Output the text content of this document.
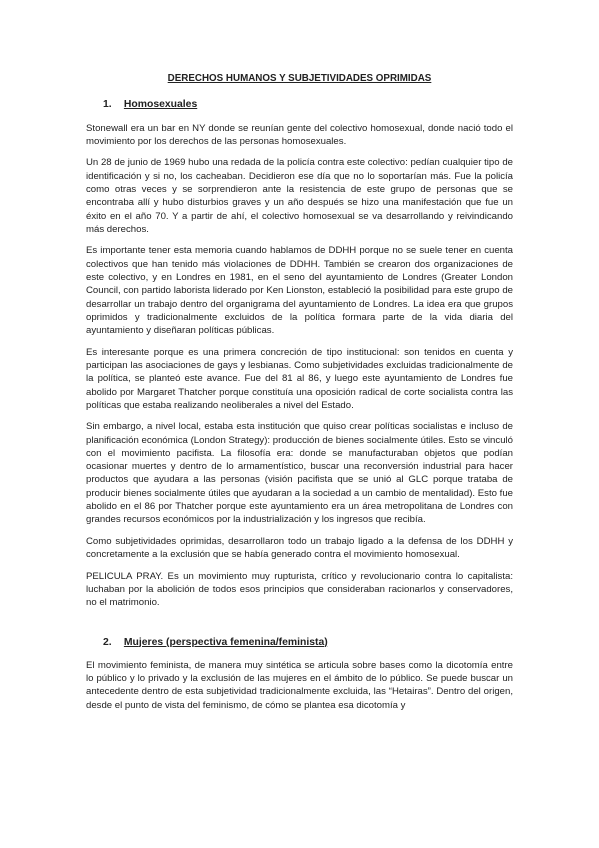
DERECHOS HUMANOS Y SUBJETIVIDADES OPRIMIDAS
1. Homosexuales

Stonewall era un bar en NY donde se reunían gente del colectivo homosexual, donde nació todo el movimiento por los derechos de las personas homosexuales.

Un 28 de junio de 1969 hubo una redada de la policía contra este colectivo: pedían cualquier tipo de identificación y si no, los cacheaban. Decidieron ese día que no lo soportarían más. Fue la policía como otras veces y se sorprendieron ante la resistencia de este grupo de personas que se encontraba allí y hubo disturbios graves y un año después se hizo una manifestación que fue un éxito en el año 70. Y a partir de ahí, el colectivo homosexual se va desarrollando y reivindicando más derechos.

Es importante tener esta memoria cuando hablamos de DDHH porque no se suele tener en cuenta colectivos que han tenido más violaciones de DDHH. También se crearon dos organizaciones de este colectivo, y en Londres en 1981, en el seno del ayuntamiento de Londres (Greater London Council, con partido laborista liderado por Ken Lionston, estableció la posibilidad para este grupo de desarrollar un trabajo dentro del organigrama del ayuntamiento de Londres. La idea era que grupos oprimidos y tradicionalmente excluidos de la política formara parte de la vida diaria del ayuntamiento y diseñaran políticas públicas.

Es interesante porque es una primera concreción de tipo institucional: son tenidos en cuenta y participan las asociaciones de gays y lesbianas. Como subjetividades excluidas tradicionalmente de la política, se planteó este avance. Fue del 81 al 86, y luego este ayuntamiento de Londres fue abolido por Margaret Thatcher porque constituía una oposición radical de corte socialista contra las políticas que estaba realizando neoliberales a nivel del Estado.

Sin embargo, a nivel local, estaba esta institución que quiso crear políticas socialistas e incluso de planificación económica (London Strategy): producción de bienes socialmente útiles. Esto se vinculó con el movimiento pacifista. La filosofía era: donde se manufacturaban objetos que podían ocasionar muertes y dentro de lo armamentístico, buscar una reconversión industrial para hacer productos que ayudara a las personas (visión pacifista que se unió al GLC porque trataba de producir bienes socialmente útiles que ayudaran a la sociedad a un cambio de mentalidad). Esto fue abolido en el 86 por Thatcher porque este ayuntamiento era un área metropolitana de Londres con grandes recursos económicos por la industrialización y los ingresos que recibía.

Como subjetividades oprimidas, desarrollaron todo un trabajo ligado a la defensa de los DDHH y concretamente a la exclusión que se había generado contra el movimiento homosexual.

PELICULA PRAY. Es un movimiento muy rupturista, crítico y revolucionario contra lo capitalista: luchaban por la abolición de todos esos principios que consideraban racionarlos y conservadores, no el matrimonio.

2. Mujeres (perspectiva femenina/feminista)

El movimiento feminista, de manera muy sintética se articula sobre bases como la dicotomía entre lo público y lo privado y la exclusión de las mujeres en el ámbito de lo público. Se puede buscar un antecedente dentro de esta subjetividad tradicionalmente excluida, las “Hetairas”. Dentro del origen, desde el punto de vista del feminismo, de cómo se plantea esa dicotomía y
